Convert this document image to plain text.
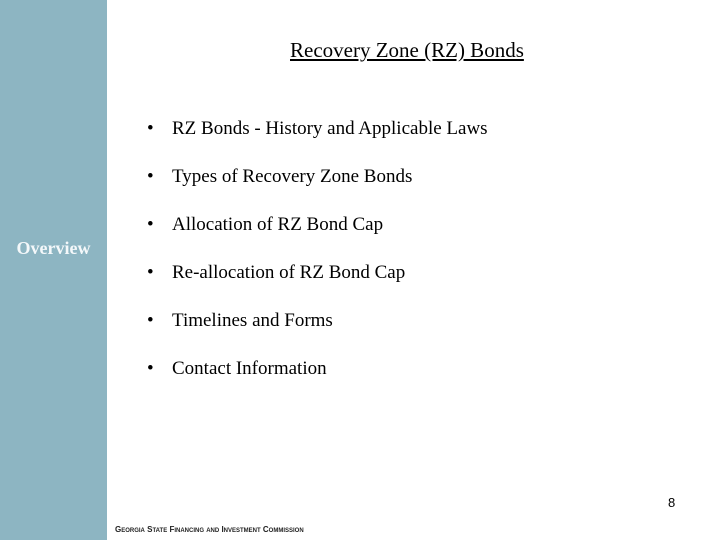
Overview
Recovery Zone (RZ) Bonds
• RZ Bonds - History and Applicable Laws
• Types of Recovery Zone Bonds
• Allocation of RZ Bond Cap
• Re-allocation of RZ Bond Cap
• Timelines and Forms
• Contact Information
8
Georgia State Financing and Investment Commission
